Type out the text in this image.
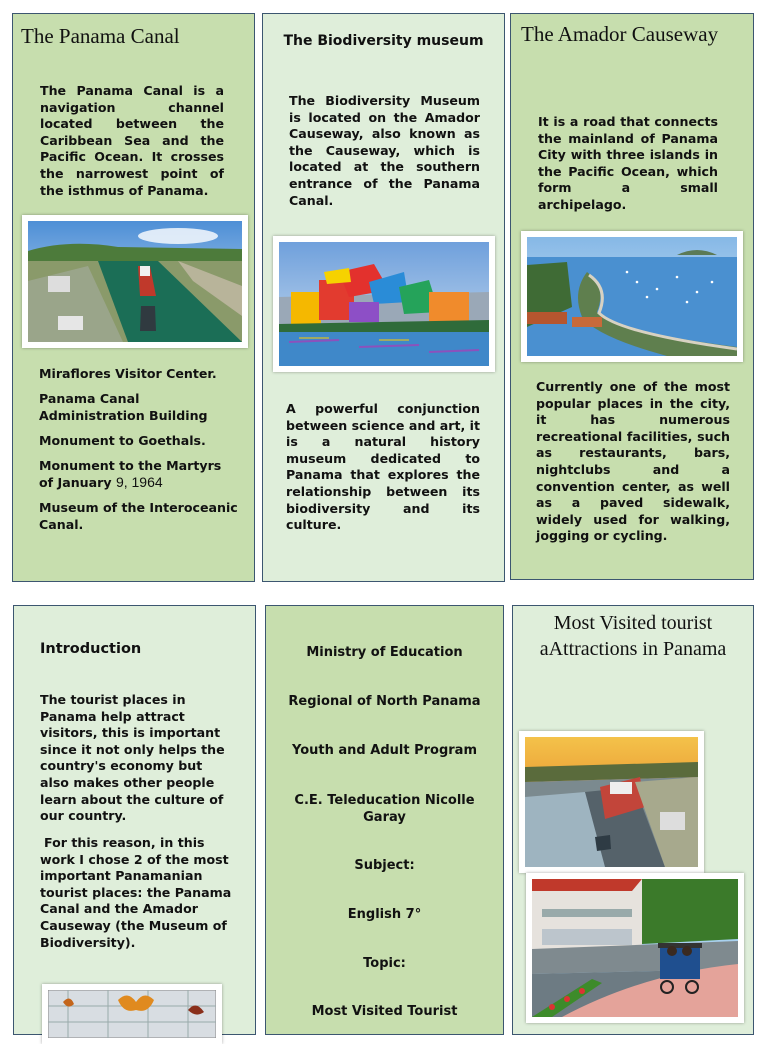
The Panama Canal

The Panama Canal is a navigation channel located between the Caribbean Sea and the Pacific Ocean. It crosses the narrowest point of the isthmus of Panama.

Miraflores Visitor Center.

Panama Canal Administration Building

Monument to Goethals.

Monument to the Martyrs of January 9, 1964

Museum of the Interoceanic Canal.

The Biodiversity museum

The Biodiversity Museum is located on the Amador Causeway, also known as the Causeway, which is located at the southern entrance of the Panama Canal.

A powerful conjunction between science and art, it is a natural history museum dedicated to Panama that explores the relationship between its biodiversity and its culture.

The Amador Causeway

It is a road that connects the mainland of Panama City with three islands in the Pacific Ocean, which form a small archipelago.

Currently one of the most popular places in the city, it has numerous recreational facilities, such as restaurants, bars, nightclubs and a convention center, as well as a paved sidewalk, widely used for walking, jogging or cycling.

Introduction

The tourist places in Panama help attract visitors, this is important since it not only helps the country's economy but also makes other people learn about the culture of our country.

For this reason, in this work I chose 2 of the most important Panamanian tourist places: the Panama Canal and the Amador Causeway (the Museum of Biodiversity).

Ministry of Education

Regional of North Panama

Youth and Adult Program

C.E. Teleducation Nicolle Garay

Subject:

English 7°

Topic:

Most Visited Tourist

Most Visited tourist aAttractions in Panama
